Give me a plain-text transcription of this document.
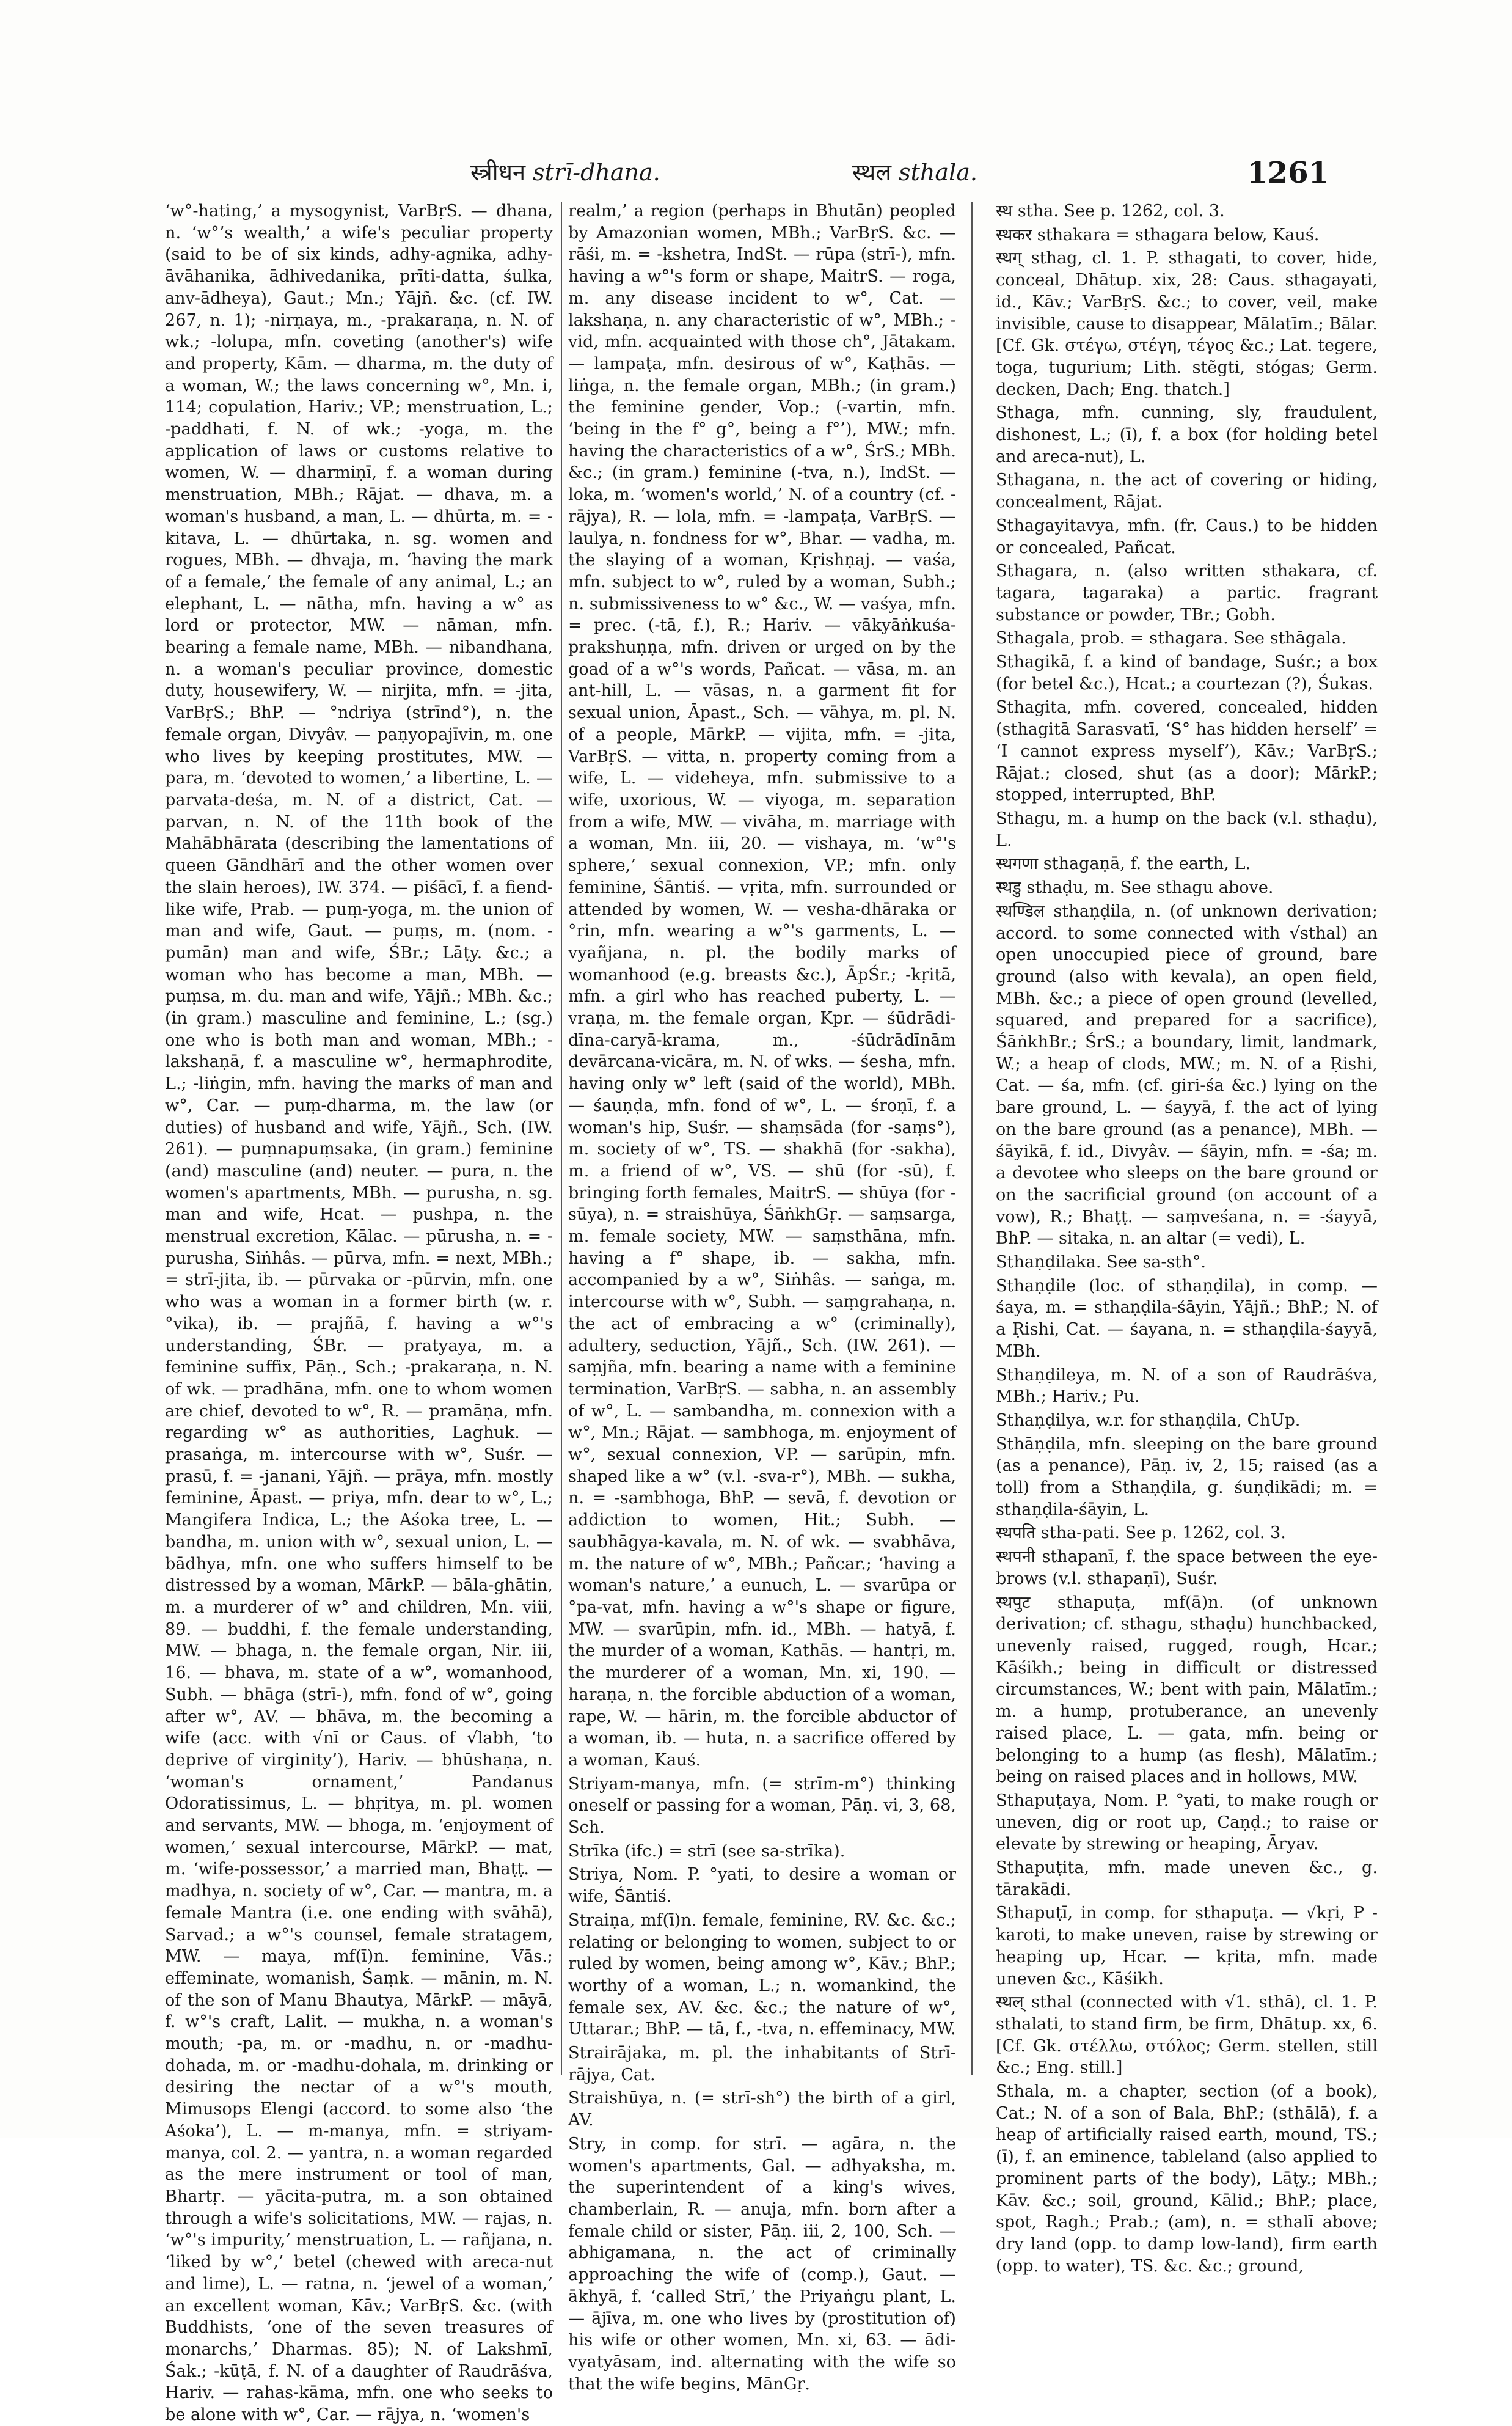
स्त्रीधन strī-dhana.	स्थल sthala.	1261

‘w°-hating,’ a mysogynist, VarBṛS. — dhana, n. ‘w°’s wealth,’ a wife's peculiar property (said to be of six kinds, adhy-agnika, adhy-āvāhanika, ādhivedanika, prīti-datta, śulka, anv-ādheya), Gaut.; Mn.; Yājñ. &c. (cf. IW. 267, n. 1); -nirṇaya, m., -prakaraṇa, n. N. of wk.; -lolupa, mfn. coveting (another's) wife and property, Kām. — dharma, m. the duty of a woman, W.; the laws concerning w°, Mn. i, 114; copulation, Hariv.; VP.; menstruation, L.; -paddhati, f. N. of wk.; -yoga, m. the application of laws or customs relative to women, W. — dharmiṇī, f. a woman during menstruation, MBh.; Rājat. — dhava, m. a woman's husband, a man, L. — dhūrta, m. = -kitava, L. — dhūrtaka, n. sg. women and rogues, MBh. — dhvaja, m. ‘having the mark of a female,’ the female of any animal, L.; an elephant, L. — nātha, mfn. having a w° as lord or protector, MW. — nāman, mfn. bearing a female name, MBh. — nibandhana, n. a woman's peculiar province, domestic duty, housewifery, W. — nirjita, mfn. = -jita, VarBṛS.; BhP. — °ndriya (strīnd°), n. the female organ, Divyâv. — paṇyopajīvin, m. one who lives by keeping prostitutes, MW. — para, m. ‘devoted to women,’ a libertine, L. — parvata-deśa, m. N. of a district, Cat. — parvan, n. N. of the 11th book of the Mahābhārata (describing the lamentations of queen Gāndhārī and the other women over the slain heroes), IW. 374. — piśācī, f. a fiend-like wife, Prab. — puṃ-yoga, m. the union of man and wife, Gaut. — puṃs, m. (nom. -pumān) man and wife, ŚBr.; Lāṭy. &c.; a woman who has become a man, MBh. — puṃsa, m. du. man and wife, Yājñ.; MBh. &c.; (in gram.) masculine and feminine, L.; (sg.) one who is both man and woman, MBh.; -lakshaṇā, f. a masculine w°, hermaphrodite, L.; -liṅgin, mfn. having the marks of man and w°, Car. — puṃ-dharma, m. the law (or duties) of husband and wife, Yājñ., Sch. (IW. 261). — puṃnapuṃsaka, (in gram.) feminine (and) masculine (and) neuter. — pura, n. the women's apartments, MBh. — purusha, n. sg. man and wife, Hcat. — pushpa, n. the menstrual excretion, Kālac. — pūrusha, n. = -purusha, Siṅhâs. — pūrva, mfn. = next, MBh.; = strī-jita, ib. — pūrvaka or -pūrvin, mfn. one who was a woman in a former birth (w. r. °vika), ib. — prajñā, f. having a w°'s understanding, ŚBr. — pratyaya, m. a feminine suffix, Pāṇ., Sch.; -prakaraṇa, n. N. of wk. — pradhāna, mfn. one to whom women are chief, devoted to w°, R. — pramāṇa, mfn. regarding w° as authorities, Laghuk. — prasaṅga, m. intercourse with w°, Suśr. — prasū, f. = -janani, Yājñ. — prāya, mfn. mostly feminine, Āpast. — priya, mfn. dear to w°, L.; Mangifera Indica, L.; the Aśoka tree, L. — bandha, m. union with w°, sexual union, L. — bādhya, mfn. one who suffers himself to be distressed by a woman, MārkP. — bāla-ghātin, m. a murderer of w° and children, Mn. viii, 89. — buddhi, f. the female understanding, MW. — bhaga, n. the female organ, Nir. iii, 16. — bhava, m. state of a w°, womanhood, Subh. — bhāga (strī-), mfn. fond of w°, going after w°, AV. — bhāva, m. the becoming a wife (acc. with √nī or Caus. of √labh, ‘to deprive of virginity’), Hariv. — bhūshaṇa, n. ‘woman's ornament,’ Pandanus Odoratissimus, L. — bhṛitya, m. pl. women and servants, MW. — bhoga, m. ‘enjoyment of women,’ sexual intercourse, MārkP. — mat, m. ‘wife-possessor,’ a married man, Bhaṭṭ. — madhya, n. society of w°, Car. — mantra, m. a female Mantra (i.e. one ending with svāhā), Sarvad.; a w°'s counsel, female stratagem, MW. — maya, mf(ī)n. feminine, Vās.; effeminate, womanish, Śaṃk. — mānin, m. N. of the son of Manu Bhautya, MārkP. — māyā, f. w°'s craft, Lalit. — mukha, n. a woman's mouth; -pa, m. or -madhu, n. or -madhu-dohada, m. or -madhu-dohala, m. drinking or desiring the nectar of a w°'s mouth, Mimusops Elengi (accord. to some also ‘the Aśoka’), L. — m-manya, mfn. = striyam-manya, col. 2. — yantra, n. a woman regarded as the mere instrument or tool of man, Bhartṛ. — yācita-putra, m. a son obtained through a wife's solicitations, MW. — rajas, n. ‘w°'s impurity,’ menstruation, L. — rañjana, n. ‘liked by w°,’ betel (chewed with areca-nut and lime), L. — ratna, n. ‘jewel of a woman,’ an excellent woman, Kāv.; VarBṛS. &c. (with Buddhists, ‘one of the seven treasures of monarchs,’ Dharmas. 85); N. of Lakshmī, Śak.; -kūṭā, f. N. of a daughter of Raudrāśva, Hariv. — rahas-kāma, mfn. one who seeks to be alone with w°, Car. — rājya, n. ‘women's

realm,’ a region (perhaps in Bhutān) peopled by Amazonian women, MBh.; VarBṛS. &c. — rāśi, m. = -kshetra, IndSt. — rūpa (strī-), mfn. having a w°'s form or shape, MaitrS. — roga, m. any disease incident to w°, Cat. — lakshaṇa, n. any characteristic of w°, MBh.; -vid, mfn. acquainted with those ch°, Jātakam. — lampaṭa, mfn. desirous of w°, Kaṭhās. — liṅga, n. the female organ, MBh.; (in gram.) the feminine gender, Vop.; (-vartin, mfn. ‘being in the f° g°, being a f°’), MW.; mfn. having the characteristics of a w°, ŚrS.; MBh. &c.; (in gram.) feminine (-tva, n.), IndSt. — loka, m. ‘women's world,’ N. of a country (cf. -rājya), R. — lola, mfn. = -lampaṭa, VarBṛS. — laulya, n. fondness for w°, Bhar. — vadha, m. the slaying of a woman, Kṛishṇaj. — vaśa, mfn. subject to w°, ruled by a woman, Subh.; n. submissiveness to w° &c., W. — vaśya, mfn. = prec. (-tā, f.), R.; Hariv. — vākyāṅkuśa-prakshuṇṇa, mfn. driven or urged on by the goad of a w°'s words, Pañcat. — vāsa, m. an ant-hill, L. — vāsas, n. a garment fit for sexual union, Āpast., Sch. — vāhya, m. pl. N. of a people, MārkP. — vijita, mfn. = -jita, VarBṛS. — vitta, n. property coming from a wife, L. — videheya, mfn. submissive to a wife, uxorious, W. — viyoga, m. separation from a wife, MW. — vivāha, m. marriage with a woman, Mn. iii, 20. — vishaya, m. ‘w°'s sphere,’ sexual connexion, VP.; mfn. only feminine, Śāntiś. — vṛita, mfn. surrounded or attended by women, W. — vesha-dhāraka or °rin, mfn. wearing a w°'s garments, L. — vyañjana, n. pl. the bodily marks of womanhood (e.g. breasts &c.), ĀpŚr.; -kṛitā, mfn. a girl who has reached puberty, L. — vraṇa, m. the female organ, Kpr. — śūdrādi-dīna-caryā-krama, m., -śūdrādīnām devārcana-vicāra, m. N. of wks. — śesha, mfn. having only w° left (said of the world), MBh. — śauṇḍa, mfn. fond of w°, L. — śroṇī, f. a woman's hip, Suśr. — shaṃsāda (for -saṃs°), m. society of w°, TS. — shakhā (for -sakha), m. a friend of w°, VS. — shū (for -sū), f. bringing forth females, MaitrS. — shūya (for -sūya), n. = straishūya, ŚāṅkhGṛ. — saṃsarga, m. female society, MW. — saṃsthāna, mfn. having a f° shape, ib. — sakha, mfn. accompanied by a w°, Siṅhâs. — saṅga, m. intercourse with w°, Subh. — saṃgrahaṇa, n. the act of embracing a w° (criminally), adultery, seduction, Yājñ., Sch. (IW. 261). — saṃjña, mfn. bearing a name with a feminine termination, VarBṛS. — sabha, n. an assembly of w°, L. — sambandha, m. connexion with a w°, Mn.; Rājat. — sambhoga, m. enjoyment of w°, sexual connexion, VP. — sarūpin, mfn. shaped like a w° (v.l. -sva-r°), MBh. — sukha, n. = -sambhoga, BhP. — sevā, f. devotion or addiction to women, Hit.; Subh. — saubhāgya-kavala, m. N. of wk. — svabhāva, m. the nature of w°, MBh.; Pañcar.; ‘having a woman's nature,’ a eunuch, L. — svarūpa or °pa-vat, mfn. having a w°'s shape or figure, MW. — svarūpin, mfn. id., MBh. — hatyā, f. the murder of a woman, Kathās. — hantṛi, m. the murderer of a woman, Mn. xi, 190. — haraṇa, n. the forcible abduction of a woman, rape, W. — hārin, m. the forcible abductor of a woman, ib. — huta, n. a sacrifice offered by a woman, Kauś.

Striyam-manya, mfn. (= strīm-m°) thinking oneself or passing for a woman, Pāṇ. vi, 3, 68, Sch.

Strīka (ifc.) = strī (see sa-strīka).

Striya, Nom. P. °yati, to desire a woman or wife, Śāntiś.

Straiṇa, mf(ī)n. female, feminine, RV. &c. &c.; relating or belonging to women, subject to or ruled by women, being among w°, Kāv.; BhP.; worthy of a woman, L.; n. womankind, the female sex, AV. &c. &c.; the nature of w°, Uttarar.; BhP. — tā, f., -tva, n. effeminacy, MW.

Strairājaka, m. pl. the inhabitants of Strī-rājya, Cat.

Straishūya, n. (= strī-sh°) the birth of a girl, AV.

Stry, in comp. for strī. — agāra, n. the women's apartments, Gal. — adhyaksha, m. the superintendent of a king's wives, chamberlain, R. — anuja, mfn. born after a female child or sister, Pāṇ. iii, 2, 100, Sch. — abhigamana, n. the act of criminally approaching the wife of (comp.), Gaut. — ākhyā, f. ‘called Strī,’ the Priyaṅgu plant, L. — ājīva, m. one who lives by (prostitution of) his wife or other women, Mn. xi, 63. — ādi-vyatyāsam, ind. alternating with the wife so that the wife begins, MānGṛ.

स्थ stha. See p. 1262, col. 3.

स्थकर sthakara = sthagara below, Kauś.

स्थग् sthag, cl. 1. P. sthagati, to cover, hide, conceal, Dhātup. xix, 28: Caus. sthagayati, id., Kāv.; VarBṛS. &c.; to cover, veil, make invisible, cause to disappear, Mālatīm.; Bālar. [Cf. Gk. στέγω, στέγη, τέγος &c.; Lat. tegere, toga, tugurium; Lith. stẽgti, stógas; Germ. decken, Dach; Eng. thatch.]

Sthaga, mfn. cunning, sly, fraudulent, dishonest, L.; (ī), f. a box (for holding betel and areca-nut), L.

Sthagana, n. the act of covering or hiding, concealment, Rājat.

Sthagayitavya, mfn. (fr. Caus.) to be hidden or concealed, Pañcat.

Sthagara, n. (also written sthakara, cf. tagara, tagaraka) a partic. fragrant substance or powder, TBr.; Gobh.

Sthagala, prob. = sthagara. See sthāgala.

Sthagikā, f. a kind of bandage, Suśr.; a box (for betel &c.), Hcat.; a courtezan (?), Śukas.

Sthagita, mfn. covered, concealed, hidden (sthagitā Sarasvatī, ‘S° has hidden herself’ = ‘I cannot express myself’), Kāv.; VarBṛS.; Rājat.; closed, shut (as a door); MārkP.; stopped, interrupted, BhP.

Sthagu, m. a hump on the back (v.l. sthaḍu), L.

स्थगणा sthagaṇā, f. the earth, L.

स्थडु sthaḍu, m. See sthagu above.

स्थण्डिल sthaṇḍila, n. (of unknown derivation; accord. to some connected with √sthal) an open unoccupied piece of ground, bare ground (also with kevala), an open field, MBh. &c.; a piece of open ground (levelled, squared, and prepared for a sacrifice), ŚāṅkhBr.; ŚrS.; a boundary, limit, landmark, W.; a heap of clods, MW.; m. N. of a Ṛishi, Cat. — śa, mfn. (cf. giri-śa &c.) lying on the bare ground, L. — śayyā, f. the act of lying on the bare ground (as a penance), MBh. — śāyikā, f. id., Divyâv. — śāyin, mfn. = -śa; m. a devotee who sleeps on the bare ground or on the sacrificial ground (on account of a vow), R.; Bhaṭṭ. — saṃveśana, n. = -śayyā, BhP. — sitaka, n. an altar (= vedi), L.

Sthaṇḍilaka. See sa-sth°.

Sthaṇḍile (loc. of sthaṇḍila), in comp. — śaya, m. = sthaṇḍila-śāyin, Yājñ.; BhP.; N. of a Ṛishi, Cat. — śayana, n. = sthaṇḍila-śayyā, MBh.

Sthaṇḍileya, m. N. of a son of Raudrāśva, MBh.; Hariv.; Pu.

Sthaṇḍilya, w.r. for sthaṇḍila, ChUp.

Sthāṇḍila, mfn. sleeping on the bare ground (as a penance), Pāṇ. iv, 2, 15; raised (as a toll) from a Sthaṇḍila, g. śuṇḍikādi; m. = sthaṇḍila-śāyin, L.

स्थपति stha-pati. See p. 1262, col. 3.

स्थपनी sthapanī, f. the space between the eye-brows (v.l. sthapaṇī), Suśr.

स्थपुट sthapuṭa, mf(ā)n. (of unknown derivation; cf. sthagu, sthaḍu) hunchbacked, unevenly raised, rugged, rough, Hcar.; Kāśikh.; being in difficult or distressed circumstances, W.; bent with pain, Mālatīm.; m. a hump, protuberance, an unevenly raised place, L. — gata, mfn. being or belonging to a hump (as flesh), Mālatīm.; being on raised places and in hollows, MW.

Sthapuṭaya, Nom. P. °yati, to make rough or uneven, dig or root up, Caṇḍ.; to raise or elevate by strewing or heaping, Āryav.

Sthapuṭita, mfn. made uneven &c., g. tārakādi.

Sthapuṭī, in comp. for sthapuṭa. — √kṛi, P -karoti, to make uneven, raise by strewing or heaping up, Hcar. — kṛita, mfn. made uneven &c., Kāśikh.

स्थल् sthal (connected with √1. sthā), cl. 1. P. sthalati, to stand firm, be firm, Dhātup. xx, 6. [Cf. Gk. στέλλω, στόλος; Germ. stellen, still &c.; Eng. still.]

Sthala, m. a chapter, section (of a book), Cat.; N. of a son of Bala, BhP.; (sthālā), f. a heap of artificially raised earth, mound, TS.; (ī), f. an eminence, tableland (also applied to prominent parts of the body), Lāṭy.; MBh.; Kāv. &c.; soil, ground, Kālid.; BhP.; place, spot, Ragh.; Prab.; (am), n. = sthalī above; dry land (opp. to damp low-land), firm earth (opp. to water), TS. &c. &c.; ground,
